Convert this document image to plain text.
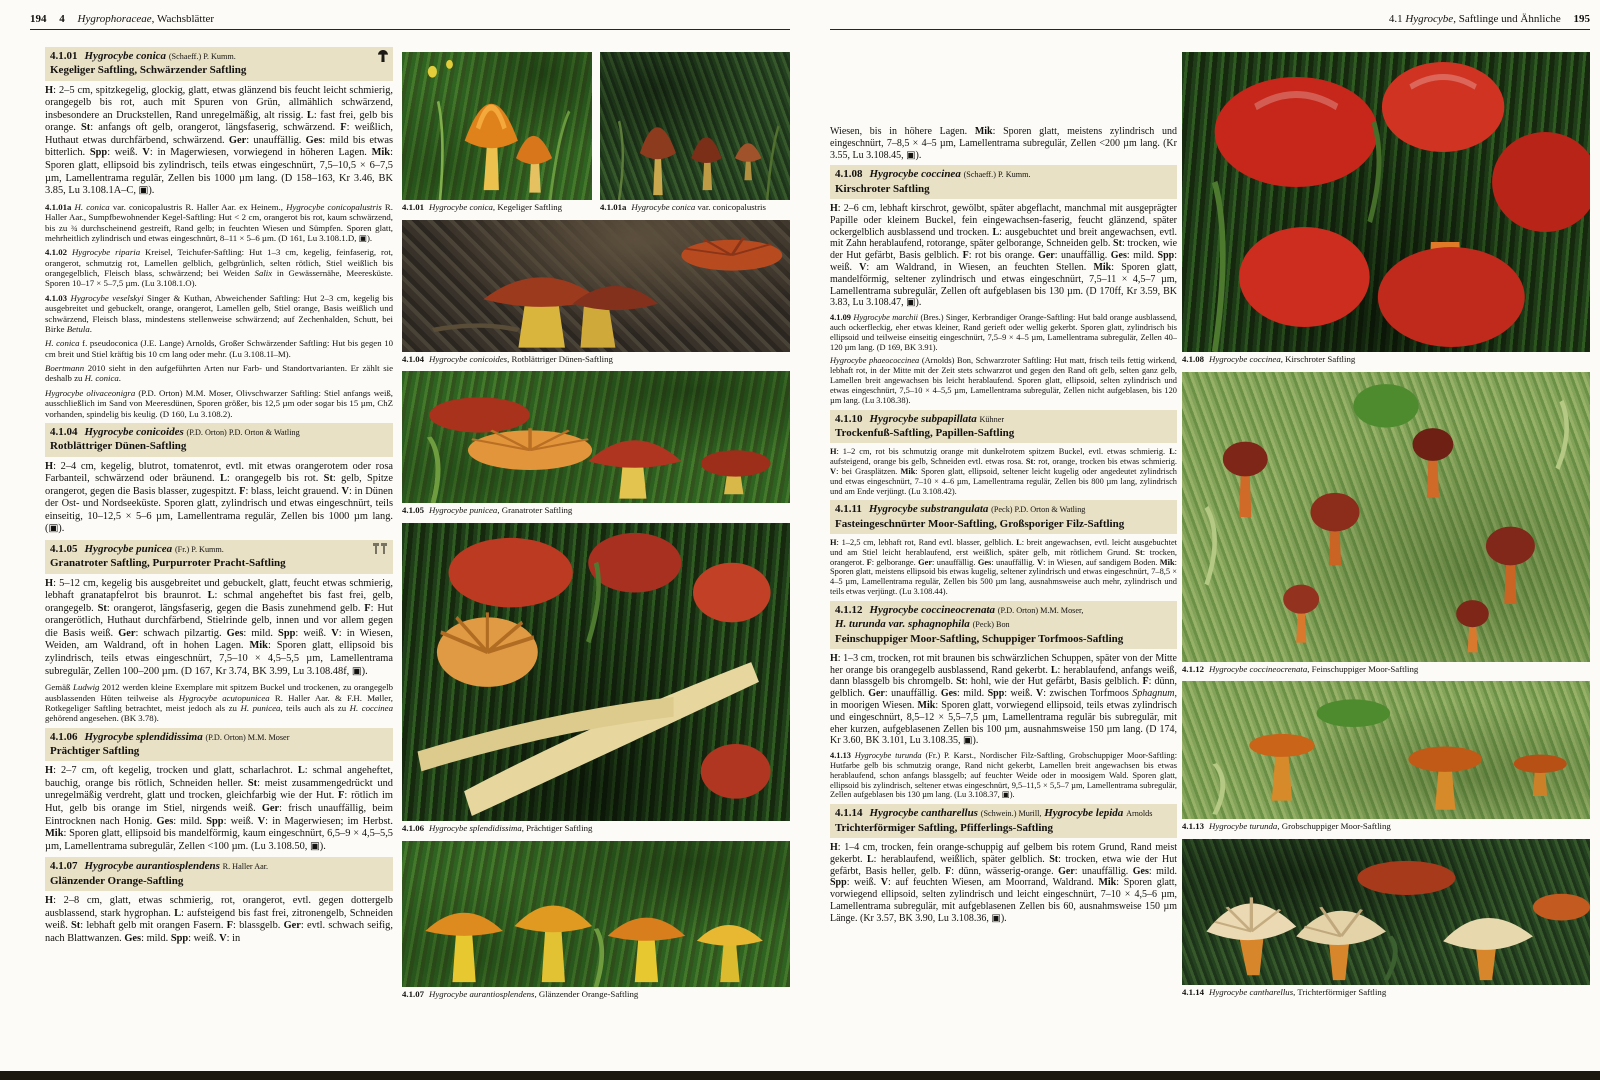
194 4 Hygrophoraceae, Wachsblätter	4.1 Hygrocybe, Saftlinge und Ähnliche 195
4.1.01 Hygrocybe conica (Schaeff.) P. Kumm.
Kegeliger Saftling, Schwärzender Saftling

H: 2–5 cm, spitzkegelig, glockig, glatt, etwas glänzend bis feucht leicht schmierig, orangegelb bis rot, auch mit Spuren von Grün, allmählich schwärzend, insbesondere an Druckstellen, Rand unregelmäßig, alt rissig. L: fast frei, gelb bis orange. St: anfangs oft gelb, orangerot, längsfaserig, schwärzend. F: weißlich, Huthaut etwas durchfärbend, schwärzend. Ger: unauffällig. Ges: mild bis etwas bitterlich. Spp: weiß. V: in Magerwiesen, vorwiegend in höheren Lagen. Mik: Sporen glatt, ellipsoid bis zylindrisch, teils etwas eingeschnürt, 7,5–10,5 × 6–7,5 µm, Lamellentrama regulär, Zellen bis 1000 µm lang. (D 158–163, Kr 3.46, BK 3.85, Lu 3.108.1A–C, ▣).

4.1.01a H. conica var. conicopalustris R. Haller Aar. ex Heinem., Hygrocybe conicopalustris R. Haller Aar., Sumpfbewohnender Kegel-Saftling: Hut < 2 cm, orangerot bis rot, kaum schwärzend, bis zu ¾ durchscheinend gestreift, Rand gelb; in feuchten Wiesen und Sümpfen. Sporen glatt, mehrheitlich zylindrisch und etwas eingeschnürt, 8–11 × 5–6 µm. (D 161, Lu 3.108.1.D, ▣).

4.1.02 Hygrocybe riparia Kreisel, Teichufer-Saftling: Hut 1–3 cm, kegelig, feinfaserig, rot, orangerot, schmutzig rot, Lamellen gelblich, gelbgrünlich, selten rötlich, Stiel weißlich bis orangegelblich, Fleisch blass, schwärzend; bei Weiden Salix in Gewässernähe, Meeresküste. Sporen 10–17 × 5–7,5 µm. (Lu 3.108.1.O).

4.1.03 Hygrocybe veselskyi Singer & Kuthan, Abweichender Saftling: Hut 2–3 cm, kegelig bis ausgebreitet und gebuckelt, orange, orangerot, Lamellen gelb, Stiel orange, Basis weißlich und schwärzend, Fleisch blass, mindestens stellenweise schwärzend; auf Zechenhalden, Schutt, bei Birke Betula.

H. conica f. pseudoconica (J.E. Lange) Arnolds, Großer Schwärzender Saftling: Hut bis gegen 10 cm breit und Stiel kräftig bis 10 cm lang oder mehr. (Lu 3.108.1I–M).

Boertmann 2010 sieht in den aufgeführten Arten nur Farb- und Standortvarianten. Er zählt sie deshalb zu H. conica.

Hygrocybe olivaceonigra (P.D. Orton) M.M. Moser, Olivschwarzer Saftling: Stiel anfangs weiß, ausschließlich im Sand von Meeresdünen, Sporen größer, bis 12,5 µm oder sogar bis 15 µm, ChZ vorhanden, spindelig bis keulig. (D 160, Lu 3.108.2).

4.1.04 Hygrocybe conicoides (P.D. Orton) P.D. Orton & Watling
Rotblättriger Dünen-Saftling

H: 2–4 cm, kegelig, blutrot, tomatenrot, evtl. mit etwas orangerotem oder rosa Farbanteil, schwärzend oder bräunend. L: orangegelb bis rot. St: gelb, Spitze orangerot, gegen die Basis blasser, zugespitzt. F: blass, leicht grauend. V: in Dünen der Ost- und Nordseeküste. Sporen glatt, zylindrisch und etwas eingeschnürt, teils einseitig, 10–12,5 × 5–6 µm, Lamellentrama regulär, Zellen bis 1000 µm lang. (▣).

4.1.05 Hygrocybe punicea (Fr.) P. Kumm.
Granatroter Saftling, Purpurroter Pracht-Saftling

H: 5–12 cm, kegelig bis ausgebreitet und gebuckelt, glatt, feucht etwas schmierig, lebhaft granatapfelrot bis braunrot. L: schmal angeheftet bis fast frei, gelb, orangegelb. St: orangerot, längsfaserig, gegen die Basis zunehmend gelb. F: Hut orangerötlich, Huthaut durchfärbend, Stielrinde gelb, innen und vor allem gegen die Basis weiß. Ger: schwach pilzartig. Ges: mild. Spp: weiß. V: in Wiesen, Weiden, am Waldrand, oft in hohen Lagen. Mik: Sporen glatt, ellipsoid bis zylindrisch, teils etwas eingeschnürt, 7,5–10 × 4,5–5,5 µm, Lamellentrama subregulär, Zellen 100–200 µm. (D 167, Kr 3.74, BK 3.99, Lu 3.108.48f, ▣).

Gemäß Ludwig 2012 werden kleine Exemplare mit spitzem Buckel und trockenen, zu orangegelb ausblassenden Hüten teilweise als Hygrocybe acutopunicea R. Haller Aar. & F.H. Møller, Rotkegeliger Saftling betrachtet, meist jedoch als zu H. punicea, teils auch als zu H. coccinea gehörend angesehen. (BK 3.78).

4.1.06 Hygrocybe splendidissima (P.D. Orton) M.M. Moser
Prächtiger Saftling

H: 2–7 cm, oft kegelig, trocken und glatt, scharlachrot. L: schmal angeheftet, bauchig, orange bis rötlich, Schneiden heller. St: meist zusammengedrückt und unregelmäßig verdreht, glatt und trocken, gleichfarbig wie der Hut. F: rötlich im Hut, gelb bis orange im Stiel, nirgends weiß. Ger: frisch unauffällig, beim Eintrocknen nach Honig. Ges: mild. Spp: weiß. V: in Magerwiesen; im Herbst. Mik: Sporen glatt, ellipsoid bis mandelförmig, kaum eingeschnürt, 6,5–9 × 4,5–5,5 µm, Lamellentrama subregulär, Zellen <100 µm. (Lu 3.108.50, ▣).

4.1.07 Hygrocybe aurantiosplendens R. Haller Aar.
Glänzender Orange-Saftling

H: 2–8 cm, glatt, etwas schmierig, rot, orangerot, evtl. gegen dottergelb ausblassend, stark hygrophan. L: aufsteigend bis fast frei, zitronengelb, Schneiden weiß. St: lebhaft gelb mit orangen Fasern. F: blassgelb. Ger: evtl. schwach seifig, nach Blattwanzen. Ges: mild. Spp: weiß. V: in

4.1.01 Hygrocybe conica, Kegeliger Saftling	4.1.01a Hygrocybe conica var. conicopalustris
4.1.04 Hygrocybe conicoides, Rotblättriger Dünen-Saftling
4.1.05 Hygrocybe punicea, Granatroter Saftling
4.1.06 Hygrocybe splendidissima, Prächtiger Saftling
4.1.07 Hygrocybe aurantiosplendens, Glänzender Orange-Saftling

Wiesen, bis in höhere Lagen. Mik: Sporen glatt, meistens zylindrisch und eingeschnürt, 7–8,5 × 4–5 µm, Lamellentrama subregulär, Zellen <200 µm lang. (Kr 3.55, Lu 3.108.45, ▣).

4.1.08 Hygrocybe coccinea (Schaeff.) P. Kumm.
Kirschroter Saftling

H: 2–6 cm, lebhaft kirschrot, gewölbt, später abgeflacht, manchmal mit ausgeprägter Papille oder kleinem Buckel, fein eingewachsen-faserig, feucht glänzend, später ockergelblich ausblassend und trocken. L: ausgebuchtet und breit angewachsen, evtl. mit Zahn herablaufend, rotorange, später gelborange, Schneiden gelb. St: trocken, wie der Hut gefärbt, Basis gelblich. F: rot bis orange. Ger: unauffällig. Ges: mild. Spp: weiß. V: am Waldrand, in Wiesen, an feuchten Stellen. Mik: Sporen glatt, mandelförmig, seltener zylindrisch und etwas eingeschnürt, 7,5–11 × 4,5–7 µm, Lamellentrama subregulär, Zellen oft aufgeblasen bis 130 µm. (D 170ff, Kr 3.59, BK 3.83, Lu 3.108.47, ▣).

4.1.09 Hygrocybe marchii (Bres.) Singer, Kerbrandiger Orange-Saftling: Hut bald orange ausblassend, auch ockerfleckig, eher etwas kleiner, Rand gerieft oder wellig gekerbt. Sporen glatt, zylindrisch bis ellipsoid und teilweise einseitig eingeschnürt, 7,5–9 × 4–5 µm, Lamellentrama subregulär, Zellen 40–120 µm lang. (D 169, BK 3.91).

Hygrocybe phaeococcinea (Arnolds) Bon, Schwarzroter Saftling: Hut matt, frisch teils fettig wirkend, lebhaft rot, in der Mitte mit der Zeit stets schwarzrot und gegen den Rand oft gelb, selten ganz gelb, Lamellen breit angewachsen bis leicht herablaufend. Sporen glatt, ellipsoid, selten zylindrisch und etwas eingeschnürt, 7,5–10 × 4–5,5 µm, Lamellentrama subregulär, Zellen nicht aufgeblasen, bis 120 µm lang. (Lu 3.108.38).

4.1.10 Hygrocybe subpapillata Kühner
Trockenfuß-Saftling, Papillen-Saftling

H: 1–2 cm, rot bis schmutzig orange mit dunkelrotem spitzem Buckel, evtl. etwas schmierig. L: aufsteigend, orange bis gelb, Schneiden evtl. etwas rosa. St: rot, orange, trocken bis etwas schmierig. V: bei Grasplätzen. Mik: Sporen glatt, ellipsoid, seltener leicht kugelig oder angedeutet zylindrisch und etwas eingeschnürt, 7–10 × 4–6 µm, Lamellentrama regulär, Zellen bis 800 µm lang, zylindrisch und am Ende verjüngt. (Lu 3.108.42).

4.1.11 Hygrocybe substrangulata (Peck) P.D. Orton & Watling
Fasteingeschnürter Moor-Saftling, Großsporiger Filz-Saftling

H: 1–2,5 cm, lebhaft rot, Rand evtl. blasser, gelblich. L: breit angewachsen, evtl. leicht ausgebuchtet und am Stiel leicht herablaufend, erst weißlich, später gelb, mit rötlichem Grund. St: trocken, orangerot. F: gelborange. Ger: unauffällig. Ges: unauffällig. V: in Wiesen, auf sandigem Boden. Mik: Sporen glatt, meistens ellipsoid bis etwas kugelig, seltener zylindrisch und etwas eingeschnürt, 7–8,5 × 4–5 µm, Lamellentrama regulär, Zellen bis 500 µm lang, ausnahmsweise auch mehr, zylindrisch und teils etwas verjüngt. (Lu 3.108.44).

4.1.12 Hygrocybe coccineocrenata (P.D. Orton) M.M. Moser,
H. turunda var. sphagnophila (Peck) Bon
Feinschuppiger Moor-Saftling, Schuppiger Torfmoos-Saftling

H: 1–3 cm, trocken, rot mit braunen bis schwärzlichen Schuppen, später von der Mitte her orange bis orangegelb ausblassend, Rand gekerbt. L: herablaufend, anfangs weiß, dann blassgelb bis chromgelb. St: hohl, wie der Hut gefärbt, Basis gelblich. F: dünn, gelblich. Ger: unauffällig. Ges: mild. Spp: weiß. V: zwischen Torfmoos Sphagnum, in moorigen Wiesen. Mik: Sporen glatt, vorwiegend ellipsoid, teils etwas zylindrisch und eingeschnürt, 8,5–12 × 5,5–7,5 µm, Lamellentrama regulär bis subregulär, mit eher kurzen, aufgeblasenen Zellen bis 100 µm, ausnahmsweise 150 µm lang. (D 174, Kr 3.60, BK 3.101, Lu 3.108.35, ▣).

4.1.13 Hygrocybe turunda (Fr.) P. Karst., Nordischer Filz-Saftling, Grobschuppiger Moor-Saftling: Hutfarbe gelb bis schmutzig orange, Rand nicht gekerbt, Lamellen breit angewachsen bis etwas herablaufend, schon anfangs blassgelb; auf feuchter Weide oder in moosigem Wald. Sporen glatt, ellipsoid bis zylindrisch, seltener etwas eingeschnürt, 9,5–11,5 × 5,5–7 µm, Lamellentrama subregulär, Zellen aufgeblasen bis 130 µm lang. (Lu 3.108.37, ▣).

4.1.14 Hygrocybe cantharellus (Schwein.) Murill, Hygrocybe lepida Arnolds
Trichterförmiger Saftling, Pfifferlings-Saftling

H: 1–4 cm, trocken, fein orange-schuppig auf gelbem bis rotem Grund, Rand meist gekerbt. L: herablaufend, weißlich, später gelblich. St: trocken, etwa wie der Hut gefärbt, Basis heller, gelb. F: dünn, wässerig-orange. Ger: unauffällig. Ges: mild. Spp: weiß. V: auf feuchten Wiesen, am Moorrand, Waldrand. Mik: Sporen glatt, vorwiegend ellipsoid, selten zylindrisch und leicht eingeschnürt, 7–10 × 4,5–6 µm, Lamellentrama subregulär, mit aufgeblasenen Zellen bis 60, ausnahmsweise 150 µm Länge. (Kr 3.57, BK 3.90, Lu 3.108.36, ▣).

4.1.08 Hygrocybe coccinea, Kirschroter Saftling
4.1.12 Hygrocybe coccineocrenata, Feinschuppiger Moor-Saftling
4.1.13 Hygrocybe turunda, Grobschuppiger Moor-Saftling
4.1.14 Hygrocybe cantharellus, Trichterförmiger Saftling
